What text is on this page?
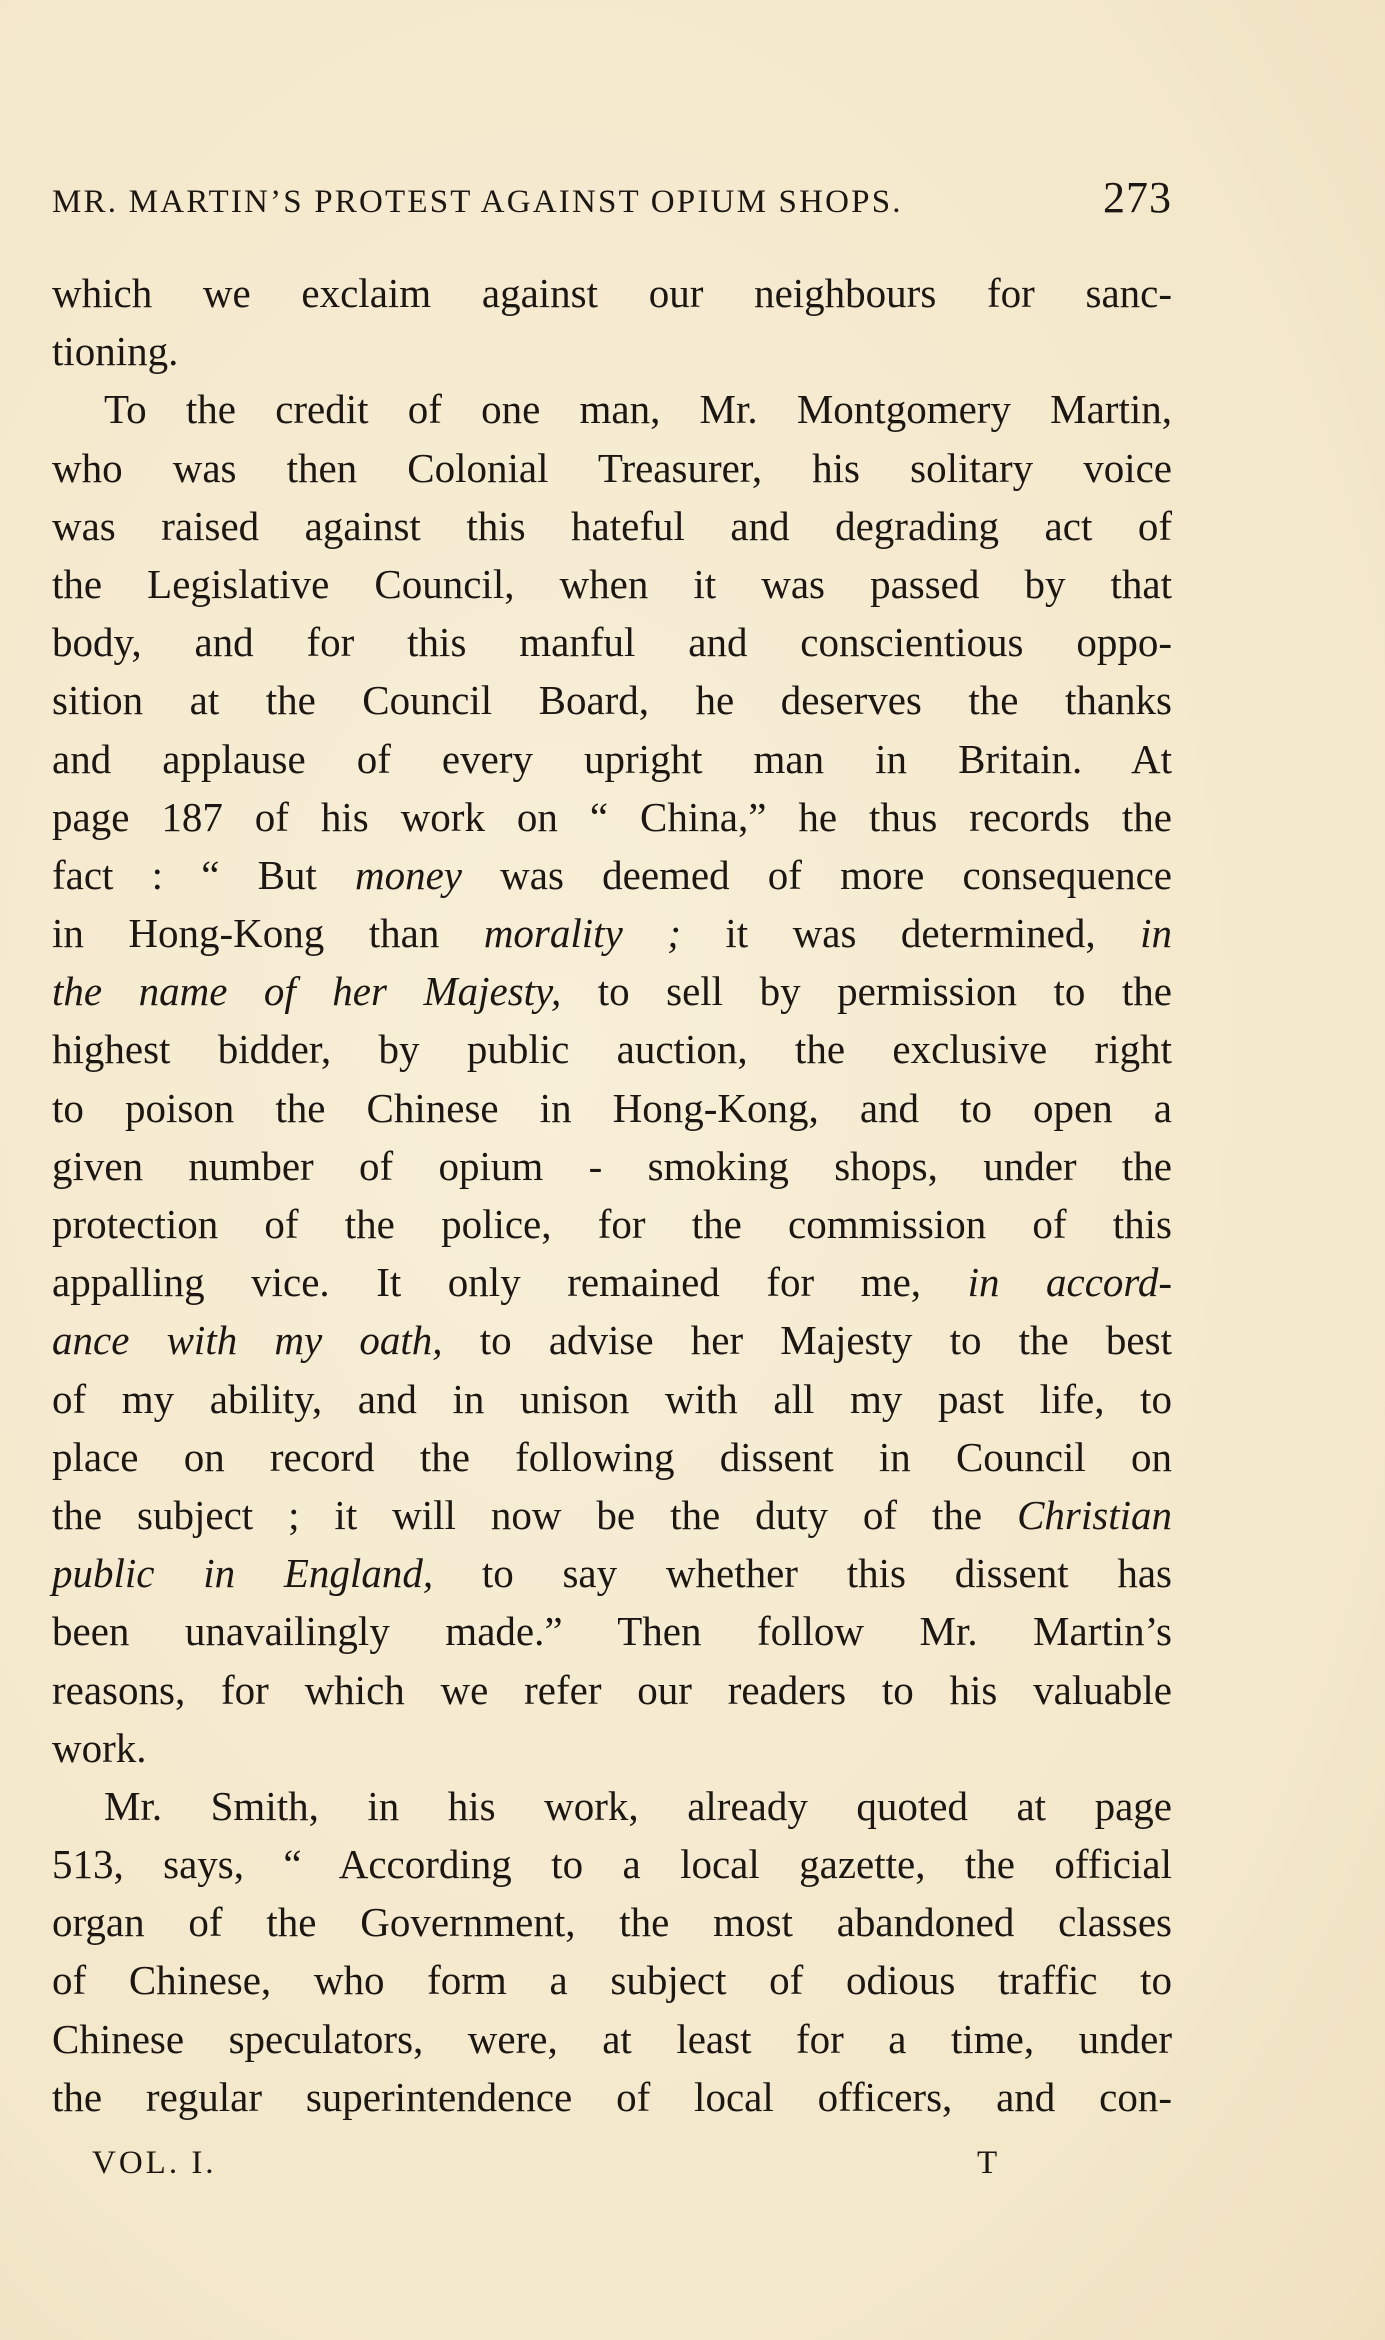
MR. MARTIN’S PROTEST AGAINST OPIUM SHOPS.	273
which we exclaim against our neighbours for sanc-
tioning.
To the credit of one man, Mr. Montgomery Martin,
who was then Colonial Treasurer, his solitary voice
was raised against this hateful and degrading act of
the Legislative Council, when it was passed by that
body, and for this manful and conscientious oppo-
sition at the Council Board, he deserves the thanks
and applause of every upright man in Britain. At
page 187 of his work on “ China,” he thus records the
fact : “ But money was deemed of more consequence
in Hong-Kong than morality ; it was determined, in
the name of her Majesty, to sell by permission to the
highest bidder, by public auction, the exclusive right
to poison the Chinese in Hong-Kong, and to open a
given number of opium - smoking shops, under the
protection of the police, for the commission of this
appalling vice. It only remained for me, in accord-
ance with my oath, to advise her Majesty to the best
of my ability, and in unison with all my past life, to
place on record the following dissent in Council on
the subject ; it will now be the duty of the Christian
public in England, to say whether this dissent has
been unavailingly made.” Then follow Mr. Martin’s
reasons, for which we refer our readers to his valuable
work.
Mr. Smith, in his work, already quoted at page
513, says, “ According to a local gazette, the official
organ of the Government, the most abandoned classes
of Chinese, who form a subject of odious traffic to
Chinese speculators, were, at least for a time, under
the regular superintendence of local officers, and con-
VOL. I.	T
